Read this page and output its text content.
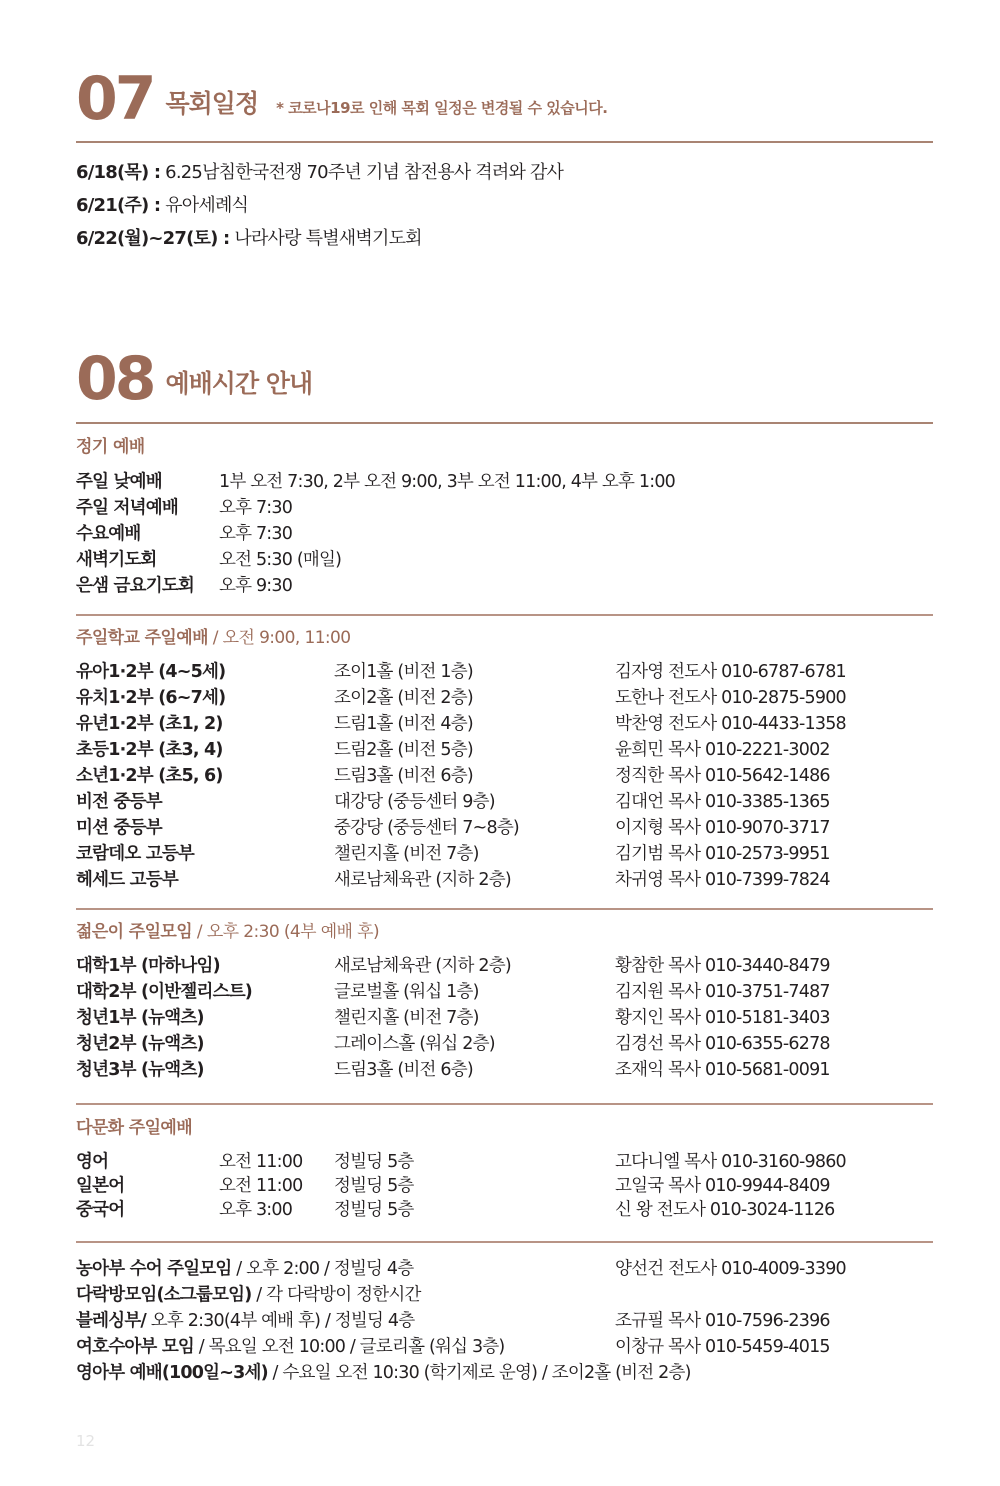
07 목회일정 * 코로나19로 인해 목회 일정은 변경될 수 있습니다.
6/18(목) : 6.25남침한국전쟁 70주년 기념 참전용사 격려와 감사
6/21(주) : 유아세례식
6/22(월)~27(토) : 나라사랑 특별새벽기도회
08 예배시간 안내
정기 예배
주일 낮예배	1부 오전 7:30, 2부 오전 9:00, 3부 오전 11:00, 4부 오후 1:00
주일 저녁예배 오후 7:30
수요예배	오후 7:30
새벽기도회	오전 5:30 (매일)
은샘 금요기도회 오후 9:30
주일학교 주일예배 / 오전 9:00, 11:00
유아1·2부 (4~5세)	조이1홀 (비전 1층)	김자영 전도사 010-6787-6781
유치1·2부 (6~7세)	조이2홀 (비전 2층)	도한나 전도사 010-2875-5900
유년1·2부 (초1, 2)	드림1홀 (비전 4층)	박찬영 전도사 010-4433-1358
초등1·2부 (초3, 4)	드림2홀 (비전 5층)	윤희민 목사 010-2221-3002
소년1·2부 (초5, 6)	드림3홀 (비전 6층)	정직한 목사 010-5642-1486
비전 중등부	대강당 (중등센터 9층)	김대언 목사 010-3385-1365
미션 중등부	중강당 (중등센터 7~8층)	이지형 목사 010-9070-3717
코람데오 고등부	챌린지홀 (비전 7층)	김기범 목사 010-2573-9951
헤세드 고등부	새로남체육관 (지하 2층)	차귀영 목사 010-7399-7824
젊은이 주일모임 / 오후 2:30 (4부 예배 후)
대학1부 (마하나임)	새로남체육관 (지하 2층)	황참한 목사 010-3440-8479
대학2부 (이반젤리스트)	글로벌홀 (워십 1층)	김지원 목사 010-3751-7487
청년1부 (뉴액츠)	챌린지홀 (비전 7층)	황지인 목사 010-5181-3403
청년2부 (뉴액츠)	그레이스홀 (워십 2층)	김경선 목사 010-6355-6278
청년3부 (뉴액츠)	드림3홀 (비전 6층)	조재익 목사 010-5681-0091
다문화 주일예배
영어	오전 11:00 정빌딩 5층	고다니엘 목사 010-3160-9860
일본어	오전 11:00 정빌딩 5층	고일국 목사 010-9944-8409
중국어	오후 3:00 정빌딩 5층	신 왕 전도사 010-3024-1126
농아부 수어 주일모임 / 오후 2:00 / 정빌딩 4층	양선건 전도사 010-4009-3390
다락방모임(소그룹모임) / 각 다락방이 정한시간
블레싱부/ 오후 2:30(4부 예배 후) / 정빌딩 4층	조규필 목사 010-7596-2396
여호수아부 모임 / 목요일 오전 10:00 / 글로리홀 (워십 3층)	이창규 목사 010-5459-4015
영아부 예배(100일~3세) / 수요일 오전 10:30 (학기제로 운영) / 조이2홀 (비전 2층)
12
